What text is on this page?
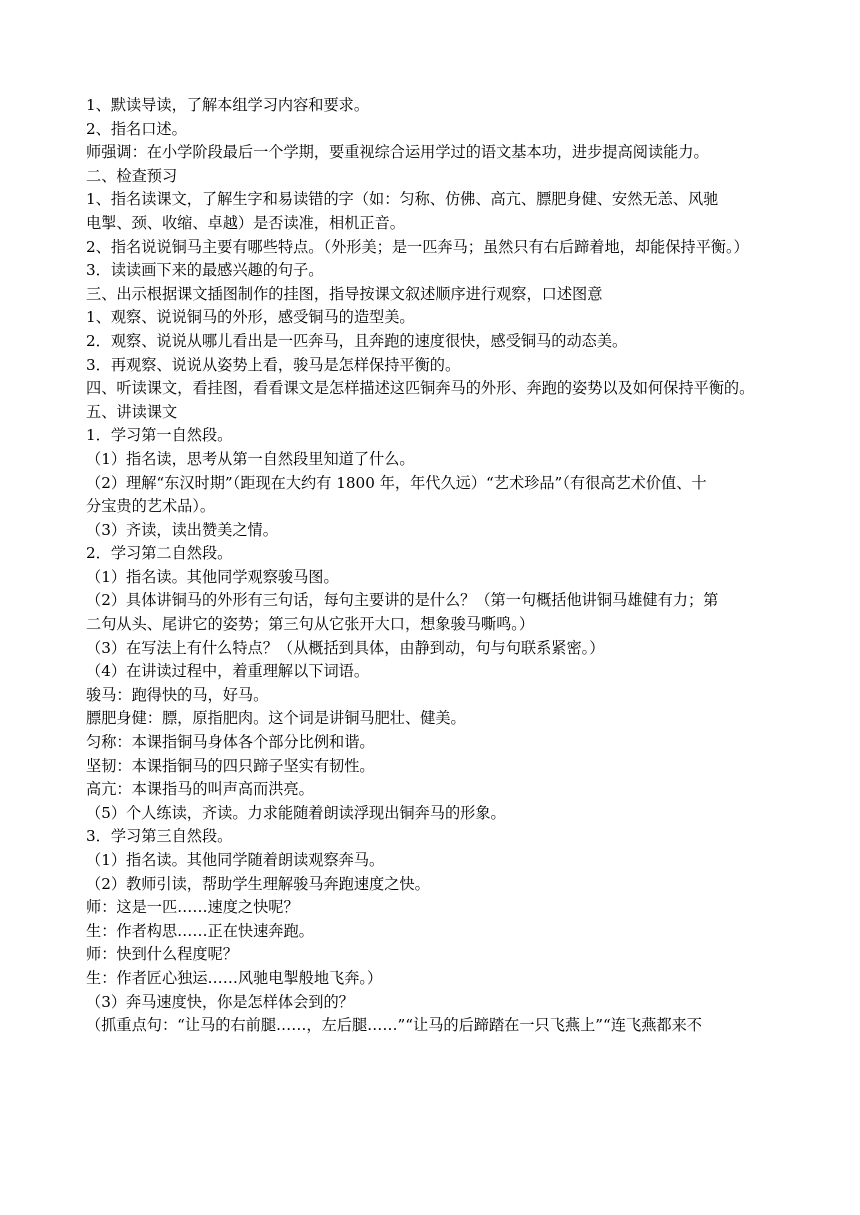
1、默读导读，了解本组学习内容和要求。

2、指名口述。

师强调：在小学阶段最后一个学期，要重视综合运用学过的语文基本功，进步提高阅读能力。

二、检查预习

1、指名读课文，了解生字和易读错的字（如：匀称、仿佛、高亢、膘肥身健、安然无恙、风驰

电掣、颈、收缩、卓越）是否读准，相机正音。

2、指名说说铜马主要有哪些特点。（外形美；是一匹奔马；虽然只有右后蹄着地，却能保持平衡。）

3．读读画下来的最感兴趣的句子。

三、出示根据课文插图制作的挂图，指导按课文叙述顺序进行观察，口述图意

1、观察、说说铜马的外形，感受铜马的造型美。

2．观察、说说从哪儿看出是一匹奔马，且奔跑的速度很快，感受铜马的动态美。

3．再观察、说说从姿势上看，骏马是怎样保持平衡的。

四、听读课文，看挂图，看看课文是怎样描述这匹铜奔马的外形、奔跑的姿势以及如何保持平衡的。

五、讲读课文

1．学习第一自然段。

（1）指名读，思考从第一自然段里知道了什么。

（2）理解“东汉时期”（距现在大约有 1800 年，年代久远）“艺术珍品”（有很高艺术价值、十

分宝贵的艺术品）。

（3）齐读，读出赞美之情。

2．学习第二自然段。

（1）指名读。其他同学观察骏马图。

（2）具体讲铜马的外形有三句话，每句主要讲的是什么？（第一句概括他讲铜马雄健有力；第

二句从头、尾讲它的姿势；第三句从它张开大口，想象骏马嘶鸣。）

（3）在写法上有什么特点？（从概括到具体，由静到动，句与句联系紧密。）

（4）在讲读过程中，着重理解以下词语。

骏马：跑得快的马，好马。

膘肥身健：膘，原指肥肉。这个词是讲铜马肥壮、健美。

匀称：本课指铜马身体各个部分比例和谐。

坚韧：本课指铜马的四只蹄子坚实有韧性。

高亢：本课指马的叫声高而洪亮。

（5）个人练读，齐读。力求能随着朗读浮现出铜奔马的形象。

3．学习第三自然段。

（1）指名读。其他同学随着朗读观察奔马。

（2）教师引读，帮助学生理解骏马奔跑速度之快。

师：这是一匹……速度之快呢？

生：作者构思……正在快速奔跑。

师：快到什么程度呢？

生：作者匠心独运……风驰电掣般地飞奔。）

（3）奔马速度快，你是怎样体会到的？

（抓重点句：“让马的右前腿……，左后腿……”“让马的后蹄踏在一只飞燕上”“连飞燕都来不
